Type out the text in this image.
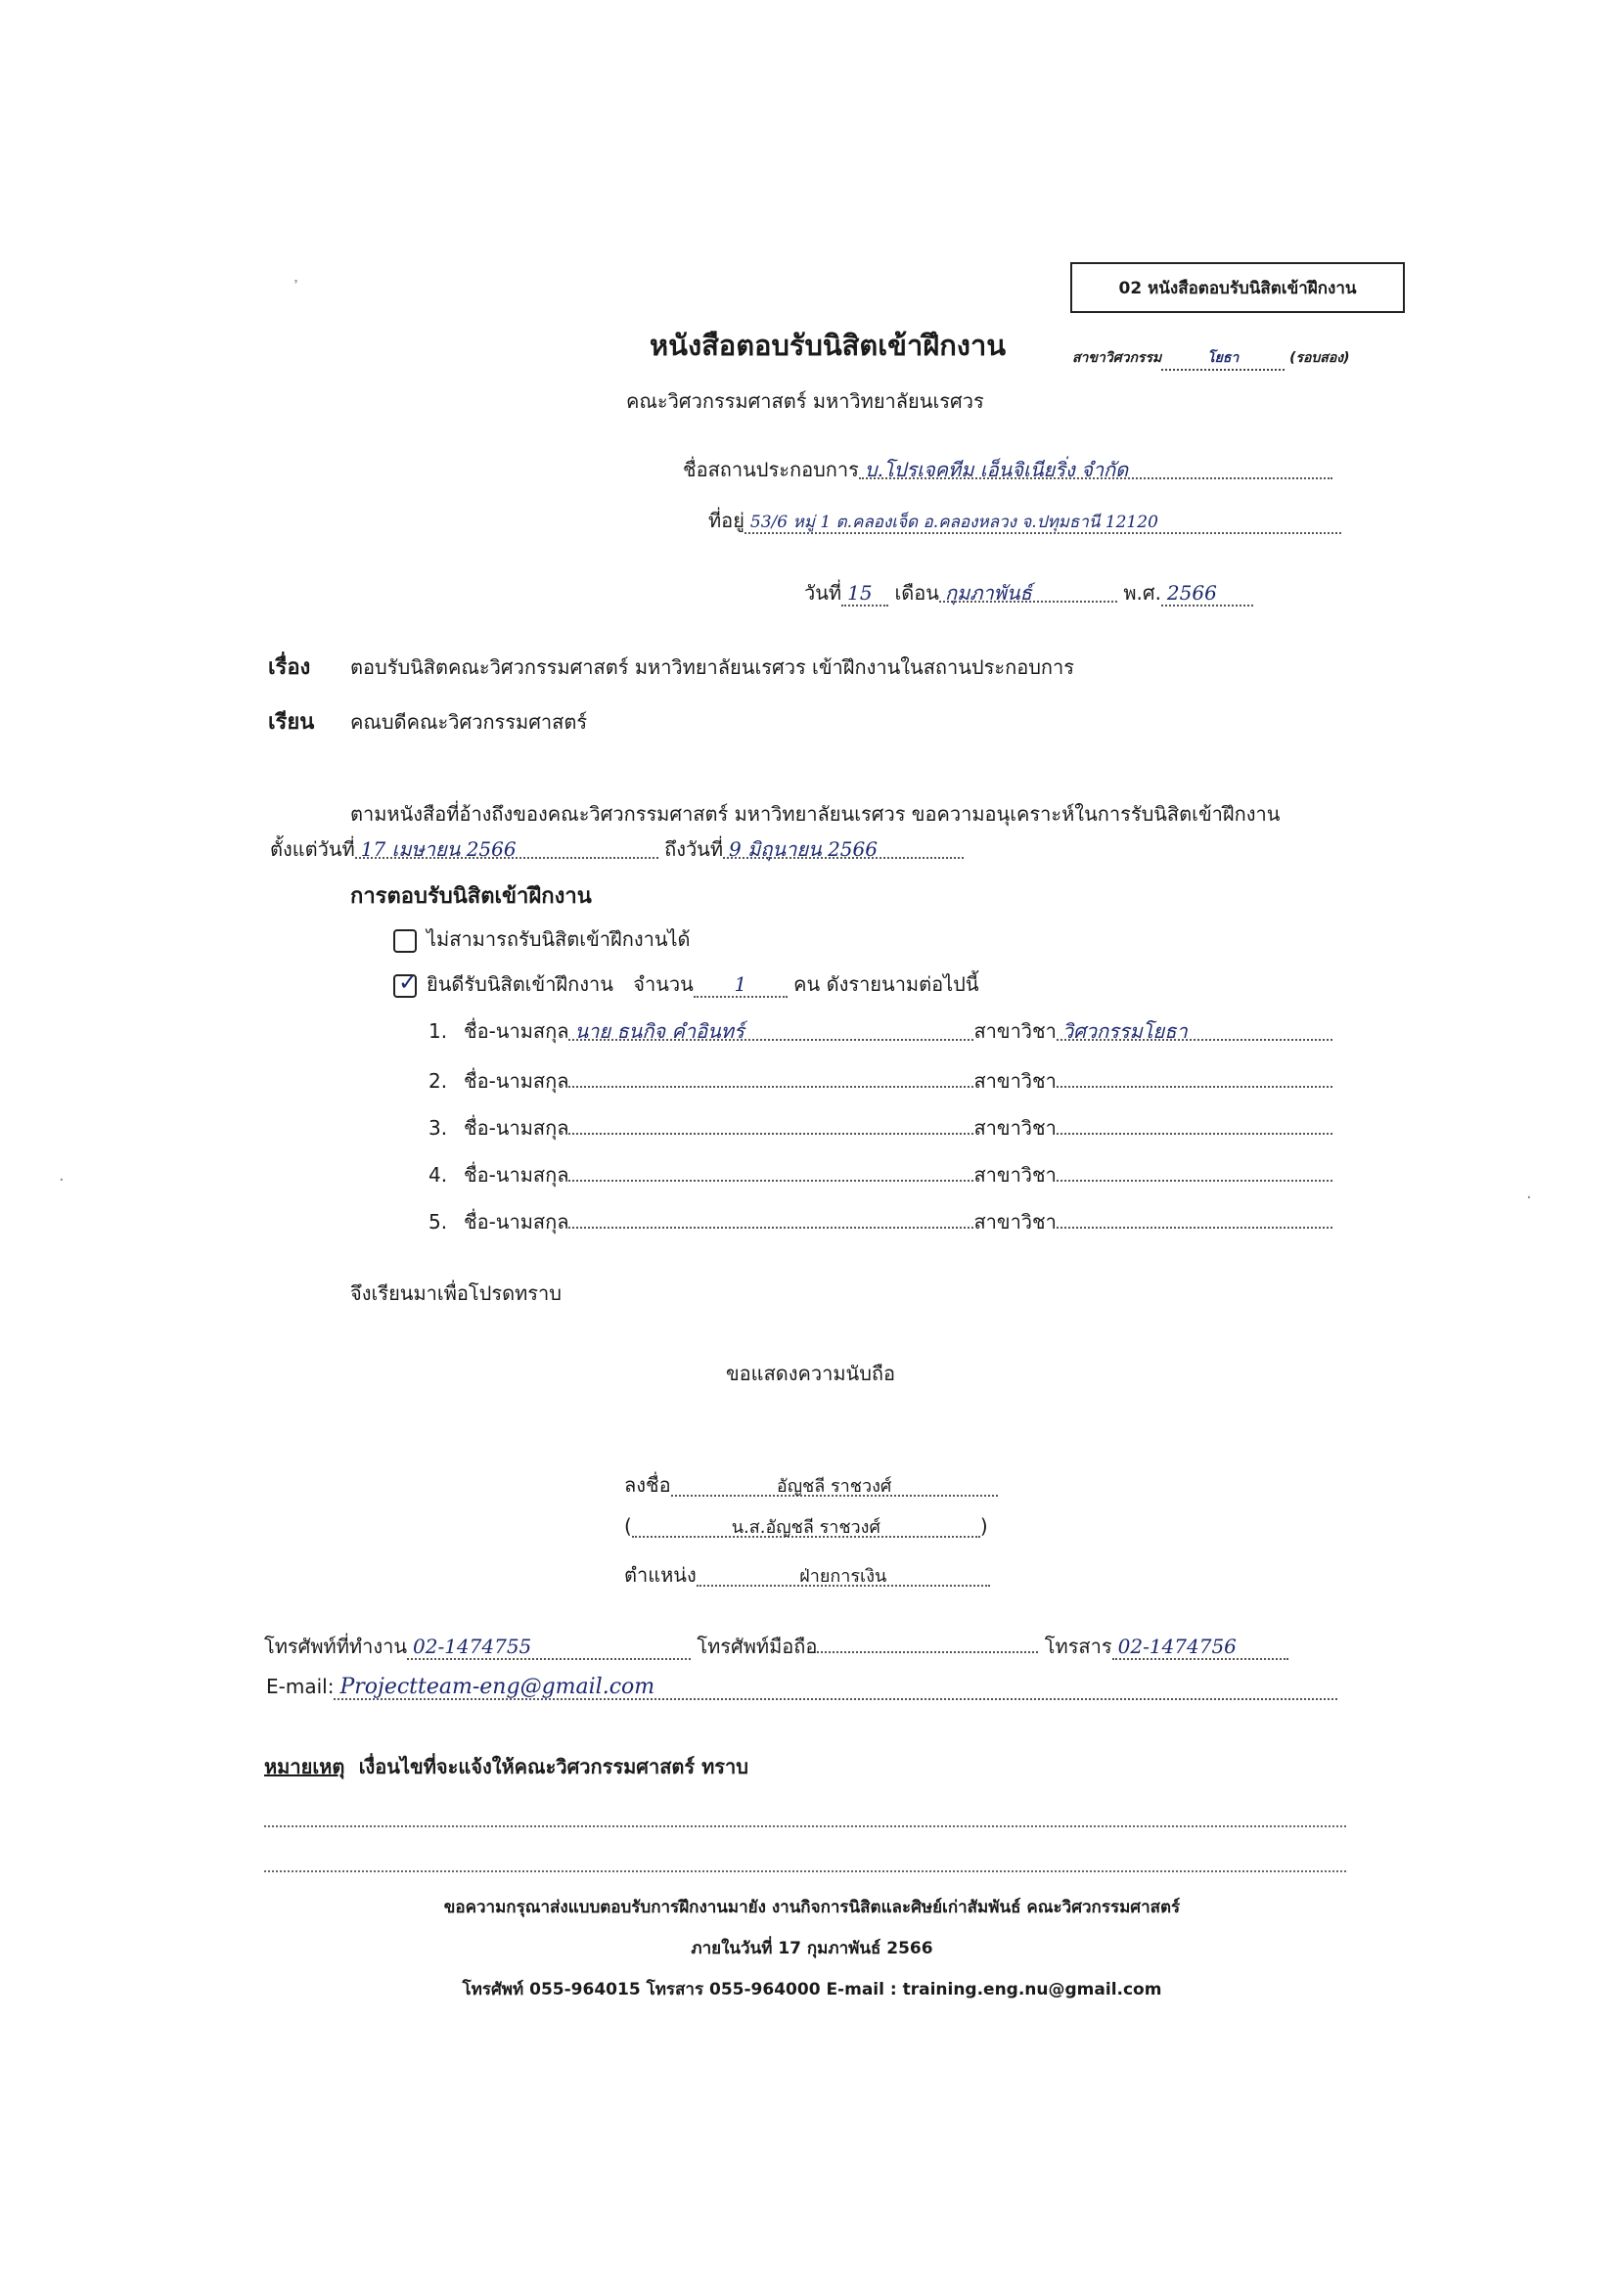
02 หนังสือตอบรับนิสิตเข้าฝึกงาน
หนังสือตอบรับนิสิตเข้าฝึกงาน
คณะวิศวกรรมศาสตร์ มหาวิทยาลัยนเรศวร
สาขาวิศวกรรม	โยธา	(รอบสอง)
ชื่อสถานประกอบการ บ.โปรเจคทีม เอ็นจิเนียริ่ง จำกัด
ที่อยู่ 53/6 หมู่ 1 ต.คลองเจ็ด อ.คลองหลวง จ.ปทุมธานี 12120
วันที่ 15 เดือน กุมภาพันธ์	พ.ศ. 2566
เรื่อง ตอบรับนิสิตคณะวิศวกรรมศาสตร์ มหาวิทยาลัยนเรศวร เข้าฝึกงานในสถานประกอบการ
เรียน คณบดีคณะวิศวกรรมศาสตร์
ตามหนังสือที่อ้างถึงของคณะวิศวกรรมศาสตร์ มหาวิทยาลัยนเรศวร ขอความอนุเคราะห์ในการรับนิสิตเข้าฝึกงาน
ตั้งแต่วันที่ 17 เมษายน 2566	ถึงวันที่ 9 มิถุนายน 2566
การตอบรับนิสิตเข้าฝึกงาน
ไม่สามารถรับนิสิตเข้าฝึกงานได้
✓ ยินดีรับนิสิตเข้าฝึกงาน จำนวน 1 คน ดังรายนามต่อไปนี้
1. ชื่อ-นามสกุล นาย ธนกิจ คำอินทร์	สาขาวิชา วิศวกรรมโยธา
2. ชื่อ-นามสกุล	สาขาวิชา
3. ชื่อ-นามสกุล	สาขาวิชา
4. ชื่อ-นามสกุล	สาขาวิชา
5. ชื่อ-นามสกุล	สาขาวิชา
จึงเรียนมาเพื่อโปรดทราบ
ขอแสดงความนับถือ
ลงชื่อ	อัญชลี ราชวงศ์
(	น.ส.อัญชลี ราชวงศ์	)
ตำแหน่ง	ฝ่ายการเงิน
โทรศัพท์ที่ทำงาน 02-1474755	โทรศัพท์มือถือ	โทรสาร 02-1474756
E-mail: Projectteam-eng@gmail.com
หมายเหตุ เงื่อนไขที่จะแจ้งให้คณะวิศวกรรมศาสตร์ ทราบ
ขอความกรุณาส่งแบบตอบรับการฝึกงานมายัง งานกิจการนิสิตและศิษย์เก่าสัมพันธ์ คณะวิศวกรรมศาสตร์
ภายในวันที่ 17 กุมภาพันธ์ 2566
โทรศัพท์ 055-964015 โทรสาร 055-964000 E-mail : training.eng.nu@gmail.com
᾿
·
·
